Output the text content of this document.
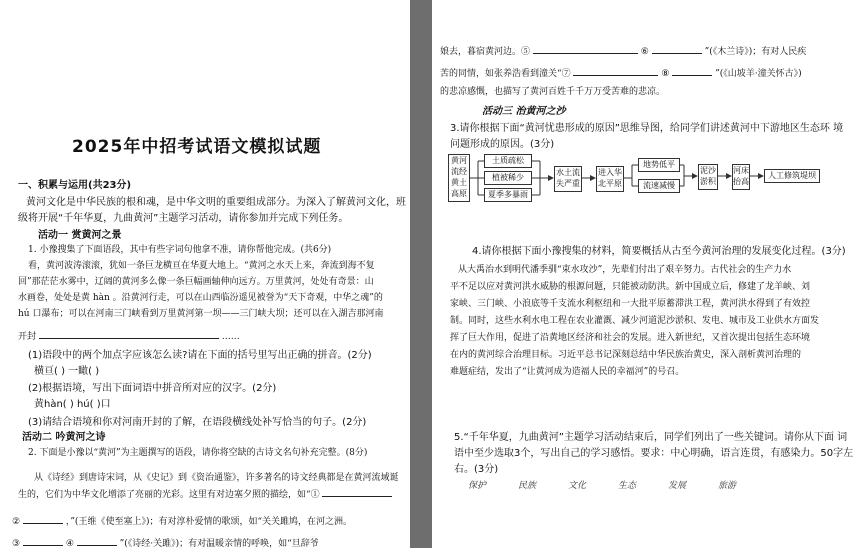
2025年中招考试语文模拟试题
一、积累与运用(共23分)
黄河文化是中华民族的根和魂，是中华文明的重要组成部分。为深入了解黄河文化，班
级将开展“千年华夏，九曲黄河”主题学习活动，请你参加并完成下列任务。
活动一 赏黄河之景
1. 小豫搜集了下面语段，其中有些字词句他拿不准，请你帮他完成。(共6分)
看，黄河波涛滚滚，犹如一条巨龙横亘在华夏大地上。“黄河之水天上来，奔流到海不复
回”那茫茫水雾中，辽阔的黄河多么像一条巨幅画轴伸向远方。万里黄河，处处有奇景：山
水画卷，处处是黄 hàn 。沿黄河行走，可以在山西临汾遥见被誉为“天下奇观，中华之魂”的
hú 口瀑布；可以在河南三门峡看到万里黄河第一坝——三门峡大坝；还可以在入湖吉那河南
开封	……
(1)语段中的两个加点字应该怎么读?请在下面的括号里写出正确的拼音。(2分)
横亘( ) 一瞰( )
(2)根据语境，写出下面词语中拼音所对应的汉字。(2分)
黄hàn( ) hú( )口
(3)请结合语境和你对河南开封的了解，在语段横线处补写恰当的句子。(2分)
活动二 吟黄河之诗
2. 下面是小豫以“黄河”为主题撰写的语段，请你将空缺的古诗文名句补充完整。(8分)
从《诗经》到唐诗宋词，从《史记》到《资治通鉴》，许多著名的诗文经典都是在黄河流域诞
生的，它们为中华文化增添了亮丽的光彩。这里有对边塞夕照的描绘，如“①
②	，”(王维《使至塞上》)；有对淳朴爱情的歌颂，如“关关雎鸠，在河之洲。
③	④	”(《诗经·关雎》)；有对温暖亲情的呼唤，如“旦辞爷
娘去，暮宿黄河边。⑤	⑥	”(《木兰诗》)；有对人民疾
苦的同情，如张养浩看到潼关“⑦	⑧	”(《山坡羊·潼关怀古》)
的悲凉感慨，也描写了黄河百姓千千万万受苦难的悲凉。
活动三 治黄河之沙
3.请你根据下面“黄河忧患形成的原因”思维导图，给同学们讲述黄河中下游地区生态环 境
问题形成的原因。(3分)
黄河流经黄土高原
土质疏松
植被稀少
夏季多暴雨
水土流失严重
进入华北平原
地势低平
流速减慢
泥沙淤积
河床抬高
人工修筑堤坝
4.请你根据下面小豫搜集的材料，简要概括从古至今黄河治理的发展变化过程。(3分)
从大禹治水到明代潘季驯“束水攻沙”，先辈们付出了艰辛努力。古代社会的生产力水
平不足以应对黄河洪水威胁的根源问题，只能被动防洪。新中国成立后，修建了龙羊峡、刘
家峡、三门峡、小浪底等千支流水利枢纽和一大批平原蓄滞洪工程，黄河洪水得到了有效控
制。同时，这些水利水电工程在农业灌溉、减少河道泥沙淤积、发电、城市及工业供水方面发
挥了巨大作用，促进了沿黄地区经济和社会的发展。进入新世纪，又首次提出包括生态环境
在内的黄河综合治理目标。习近平总书记深刻总结中华民族治黄史，深入剖析黄河治理的
难题症结，发出了“让黄河成为造福人民的幸福河”的号召。
5.“千年华夏，九曲黄河”主题学习活动结束后，同学们列出了一些关键词。请你从下面 词
语中至少选取3个，写出自己的学习感悟。要求：中心明确，语言连贯，有感染力。50字左
右。(3分)
保护	民族	文化	生态	发展	旅游
